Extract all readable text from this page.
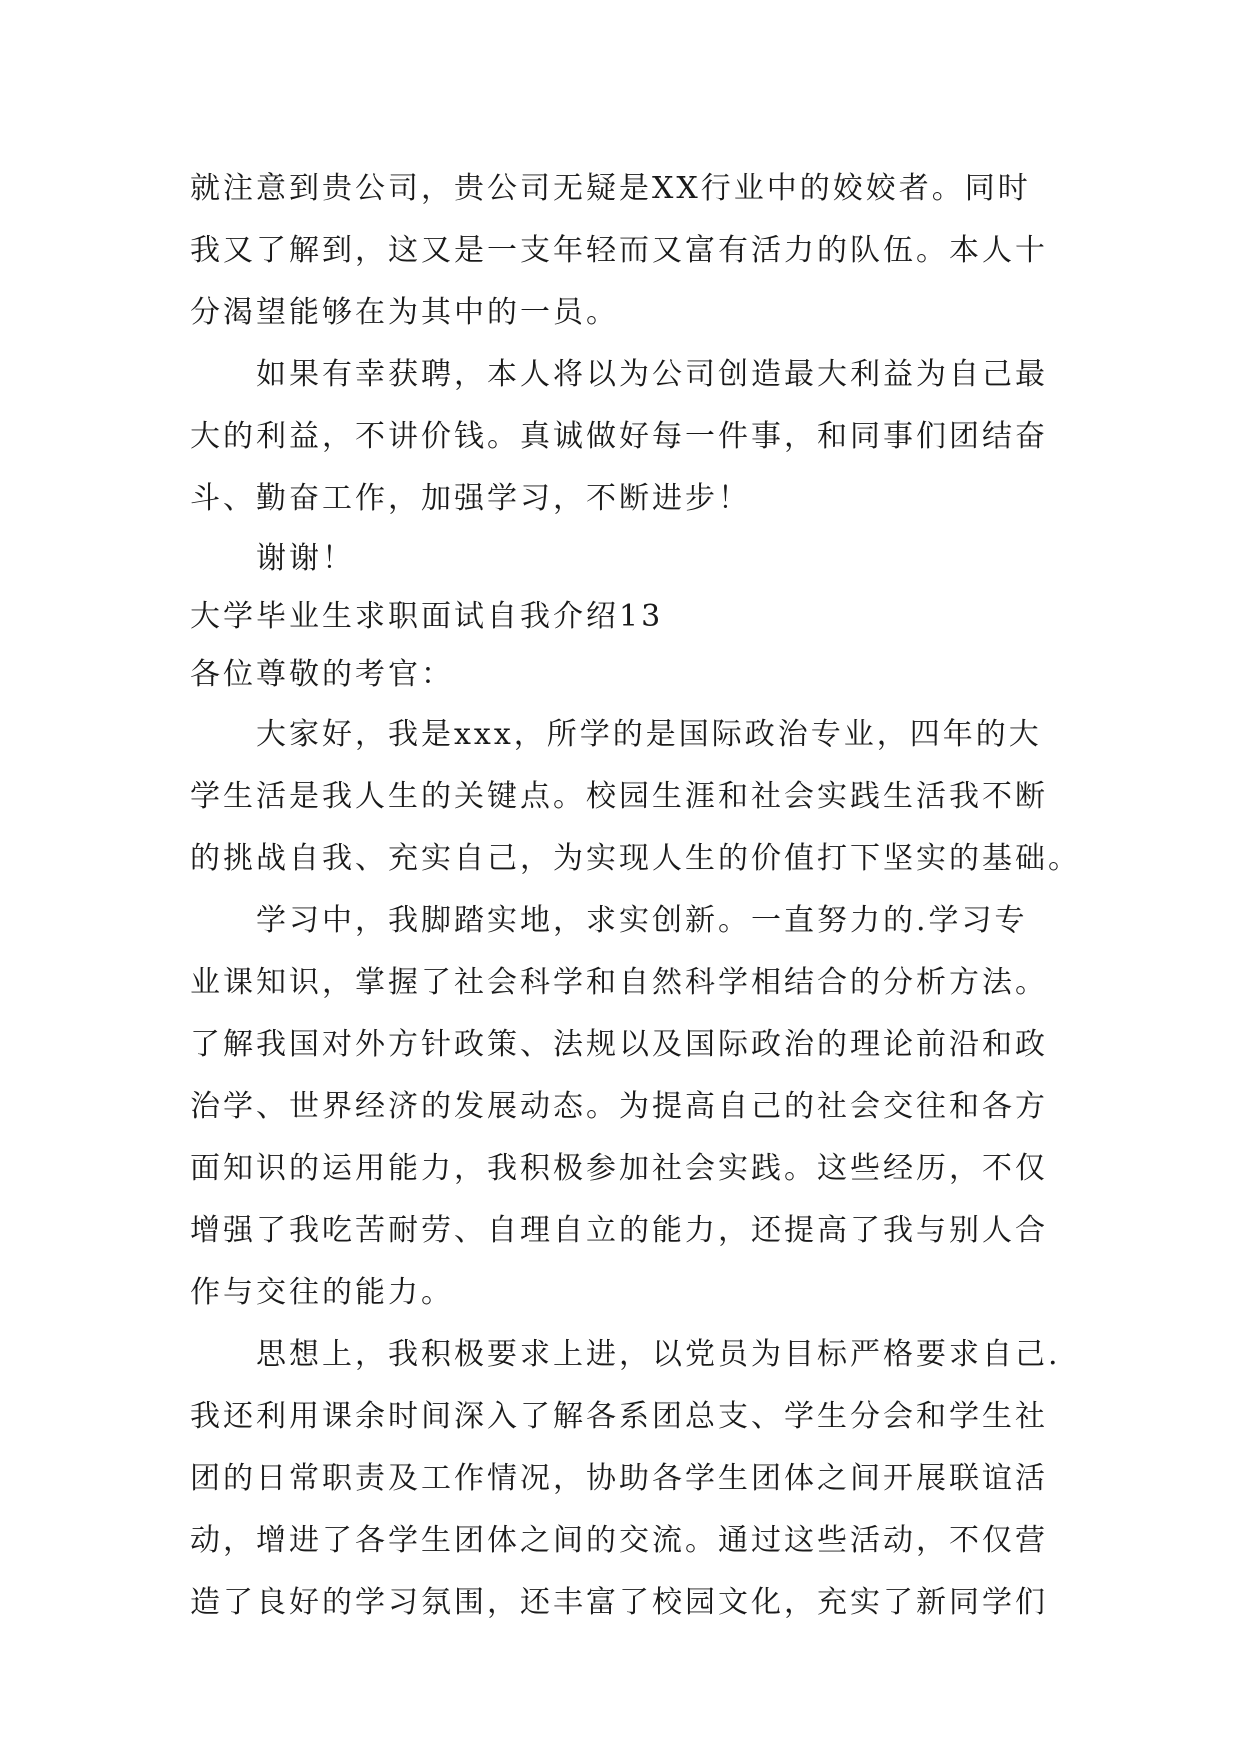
就注意到贵公司，贵公司无疑是XX行业中的姣姣者。同时
我又了解到，这又是一支年轻而又富有活力的队伍。本人十
分渴望能够在为其中的一员。
如果有幸获聘，本人将以为公司创造最大利益为自己最
大的利益，不讲价钱。真诚做好每一件事，和同事们团结奋
斗、勤奋工作，加强学习，不断进步！
谢谢！
大学毕业生求职面试自我介绍13
各位尊敬的考官：
大家好，我是xxx，所学的是国际政治专业，四年的大
学生活是我人生的关键点。校园生涯和社会实践生活我不断
的挑战自我、充实自己，为实现人生的价值打下坚实的基础。
学习中，我脚踏实地，求实创新。一直努力的.学习专
业课知识，掌握了社会科学和自然科学相结合的分析方法。
了解我国对外方针政策、法规以及国际政治的理论前沿和政
治学、世界经济的发展动态。为提高自己的社会交往和各方
面知识的运用能力，我积极参加社会实践。这些经历，不仅
增强了我吃苦耐劳、自理自立的能力，还提高了我与别人合
作与交往的能力。
思想上，我积极要求上进，以党员为目标严格要求自己.
我还利用课余时间深入了解各系团总支、学生分会和学生社
团的日常职责及工作情况，协助各学生团体之间开展联谊活
动，增进了各学生团体之间的交流。通过这些活动，不仅营
造了良好的学习氛围，还丰富了校园文化，充实了新同学们
